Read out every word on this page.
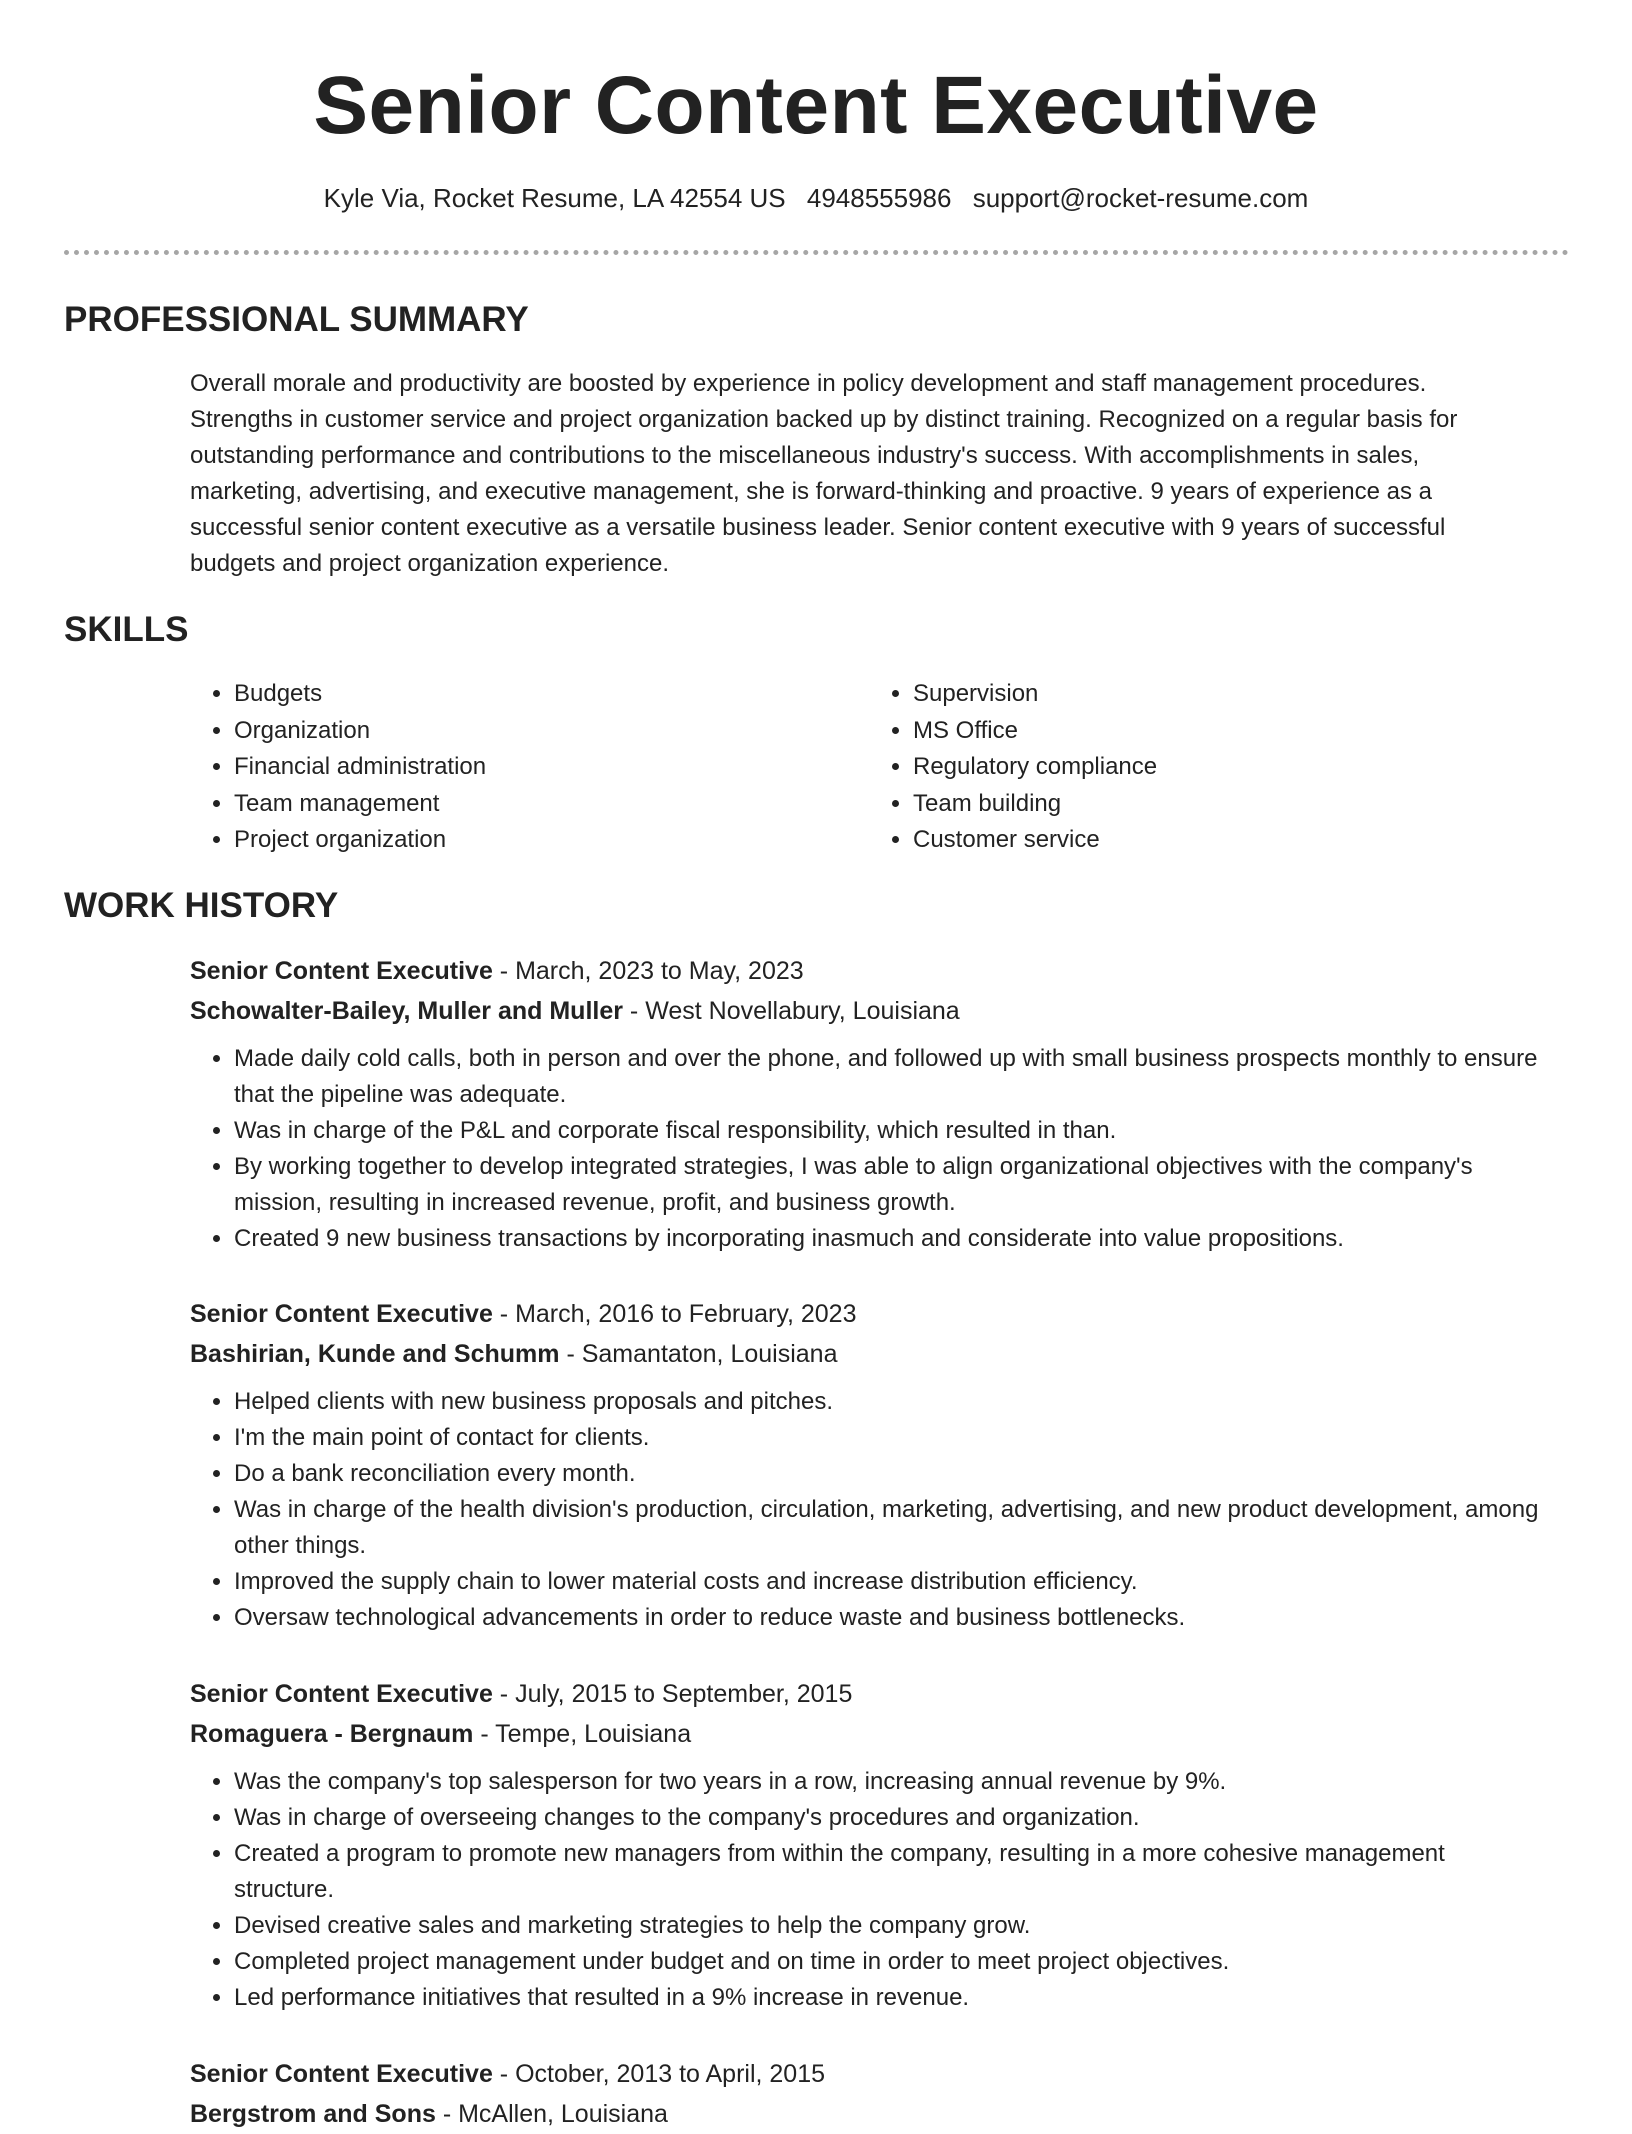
Senior Content Executive
Kyle Via, Rocket Resume, LA 42554 US 4948555986 support@rocket-resume.com
PROFESSIONAL SUMMARY

Overall morale and productivity are boosted by experience in policy development and staff management procedures. Strengths in customer service and project organization backed up by distinct training. Recognized on a regular basis for outstanding performance and contributions to the miscellaneous industry's success. With accomplishments in sales, marketing, advertising, and executive management, she is forward-thinking and proactive. 9 years of experience as a successful senior content executive as a versatile business leader. Senior content executive with 9 years of successful budgets and project organization experience.

SKILLS
• Budgets
• Organization
• Financial administration
• Team management
• Project organization
• Supervision
• MS Office
• Regulatory compliance
• Team building
• Customer service
WORK HISTORY
Senior Content Executive - March, 2023 to May, 2023
Schowalter-Bailey, Muller and Muller - West Novellabury, Louisiana
• Made daily cold calls, both in person and over the phone, and followed up with small business prospects monthly to ensure that the pipeline was adequate.
• Was in charge of the P&L and corporate fiscal responsibility, which resulted in than.
• By working together to develop integrated strategies, I was able to align organizational objectives with the company's mission, resulting in increased revenue, profit, and business growth.
• Created 9 new business transactions by incorporating inasmuch and considerate into value propositions.
Senior Content Executive - March, 2016 to February, 2023
Bashirian, Kunde and Schumm - Samantaton, Louisiana
• Helped clients with new business proposals and pitches.
• I'm the main point of contact for clients.
• Do a bank reconciliation every month.
• Was in charge of the health division's production, circulation, marketing, advertising, and new product development, among other things.
• Improved the supply chain to lower material costs and increase distribution efficiency.
• Oversaw technological advancements in order to reduce waste and business bottlenecks.
Senior Content Executive - July, 2015 to September, 2015
Romaguera - Bergnaum - Tempe, Louisiana
• Was the company's top salesperson for two years in a row, increasing annual revenue by 9%.
• Was in charge of overseeing changes to the company's procedures and organization.
• Created a program to promote new managers from within the company, resulting in a more cohesive management structure.
• Devised creative sales and marketing strategies to help the company grow.
• Completed project management under budget and on time in order to meet project objectives.
• Led performance initiatives that resulted in a 9% increase in revenue.
Senior Content Executive - October, 2013 to April, 2015
Bergstrom and Sons - McAllen, Louisiana
